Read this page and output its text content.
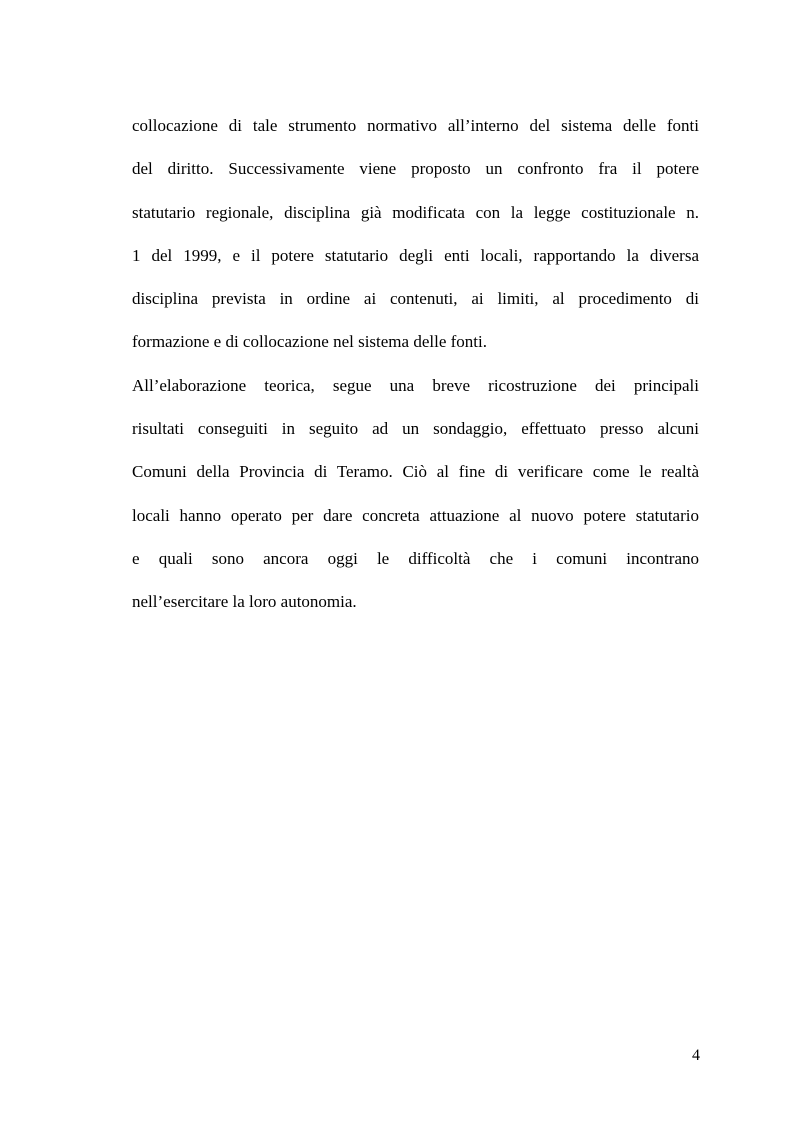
collocazione di tale strumento normativo all’interno del sistema delle fonti
del diritto. Successivamente viene proposto un confronto fra il potere
statutario regionale, disciplina già modificata con la legge costituzionale n.
1 del 1999, e il potere statutario degli enti locali, rapportando la diversa
disciplina prevista in ordine ai contenuti, ai limiti, al procedimento di
formazione e di collocazione nel sistema delle fonti.
All’elaborazione teorica, segue una breve ricostruzione dei principali
risultati conseguiti in seguito ad un sondaggio, effettuato presso alcuni
Comuni della Provincia di Teramo. Ciò al fine di verificare come le realtà
locali hanno operato per dare concreta attuazione al nuovo potere statutario
e quali sono ancora oggi le difficoltà che i comuni incontrano
nell’esercitare la loro autonomia.
4
